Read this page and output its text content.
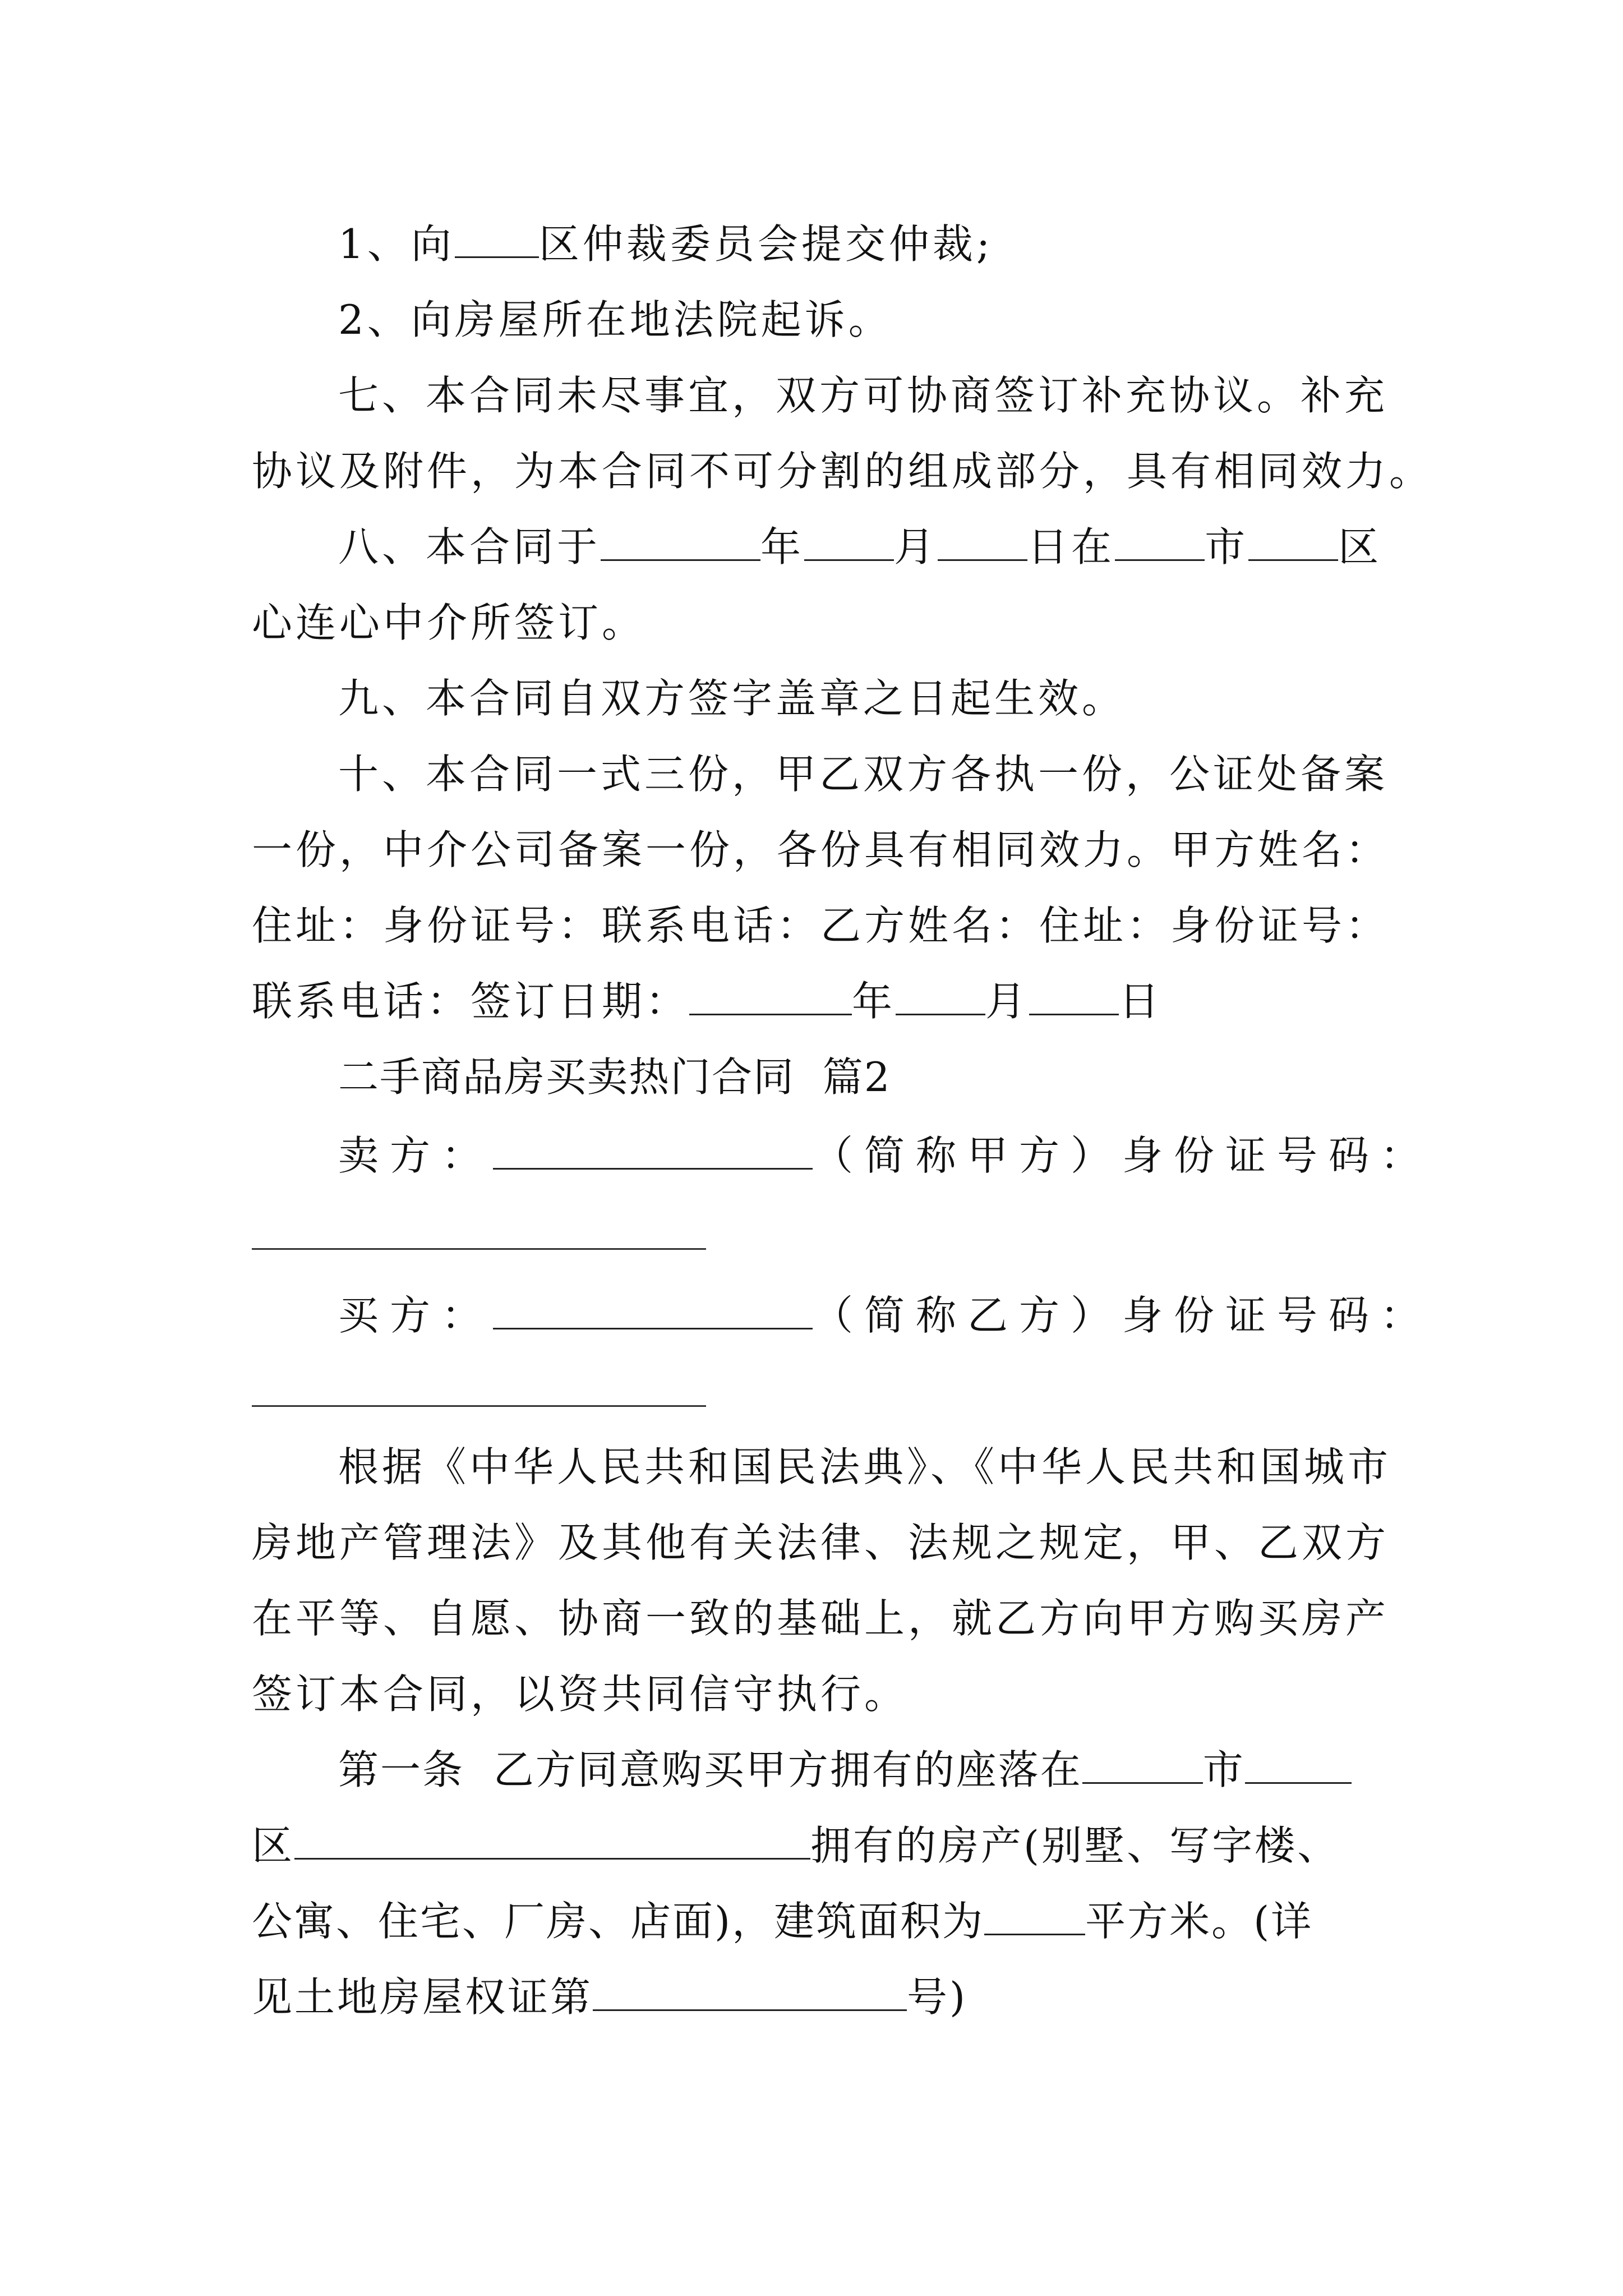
1、向 区仲裁委员会提交仲裁;
2、向房屋所在地法院起诉。
七、本合同未尽事宜，双方可协商签订补充协议。补充
协议及附件，为本合同不可分割的组成部分，具有相同效力。
八、本合同于	年 月 日在 市 区
心连心中介所签订。
九、本合同自双方签字盖章之日起生效。
十、本合同一式三份，甲乙双方各执一份，公证处备案
一份，中介公司备案一份，各份具有相同效力。甲方姓名：
住址：身份证号：联系电话：乙方姓名：住址：身份证号：
联系电话：签订日期：	年 月 日
二手商品房买卖热门合同  篇2
卖方：	（简称甲方）身份证号码：
买方：	（简称乙方）身份证号码：
根据《中华人民共和国民法典》、《中华人民共和国城市
房地产管理法》及其他有关法律、法规之规定，甲、乙双方
在平等、自愿、协商一致的基础上，就乙方向甲方购买房产
签订本合同，以资共同信守执行。
第一条  乙方同意购买甲方拥有的座落在	市
区	拥有的房产(别墅、写字楼、
公寓、住宅、厂房、店面)，建筑面积为	平方米。(详
见土地房屋权证第	号)
